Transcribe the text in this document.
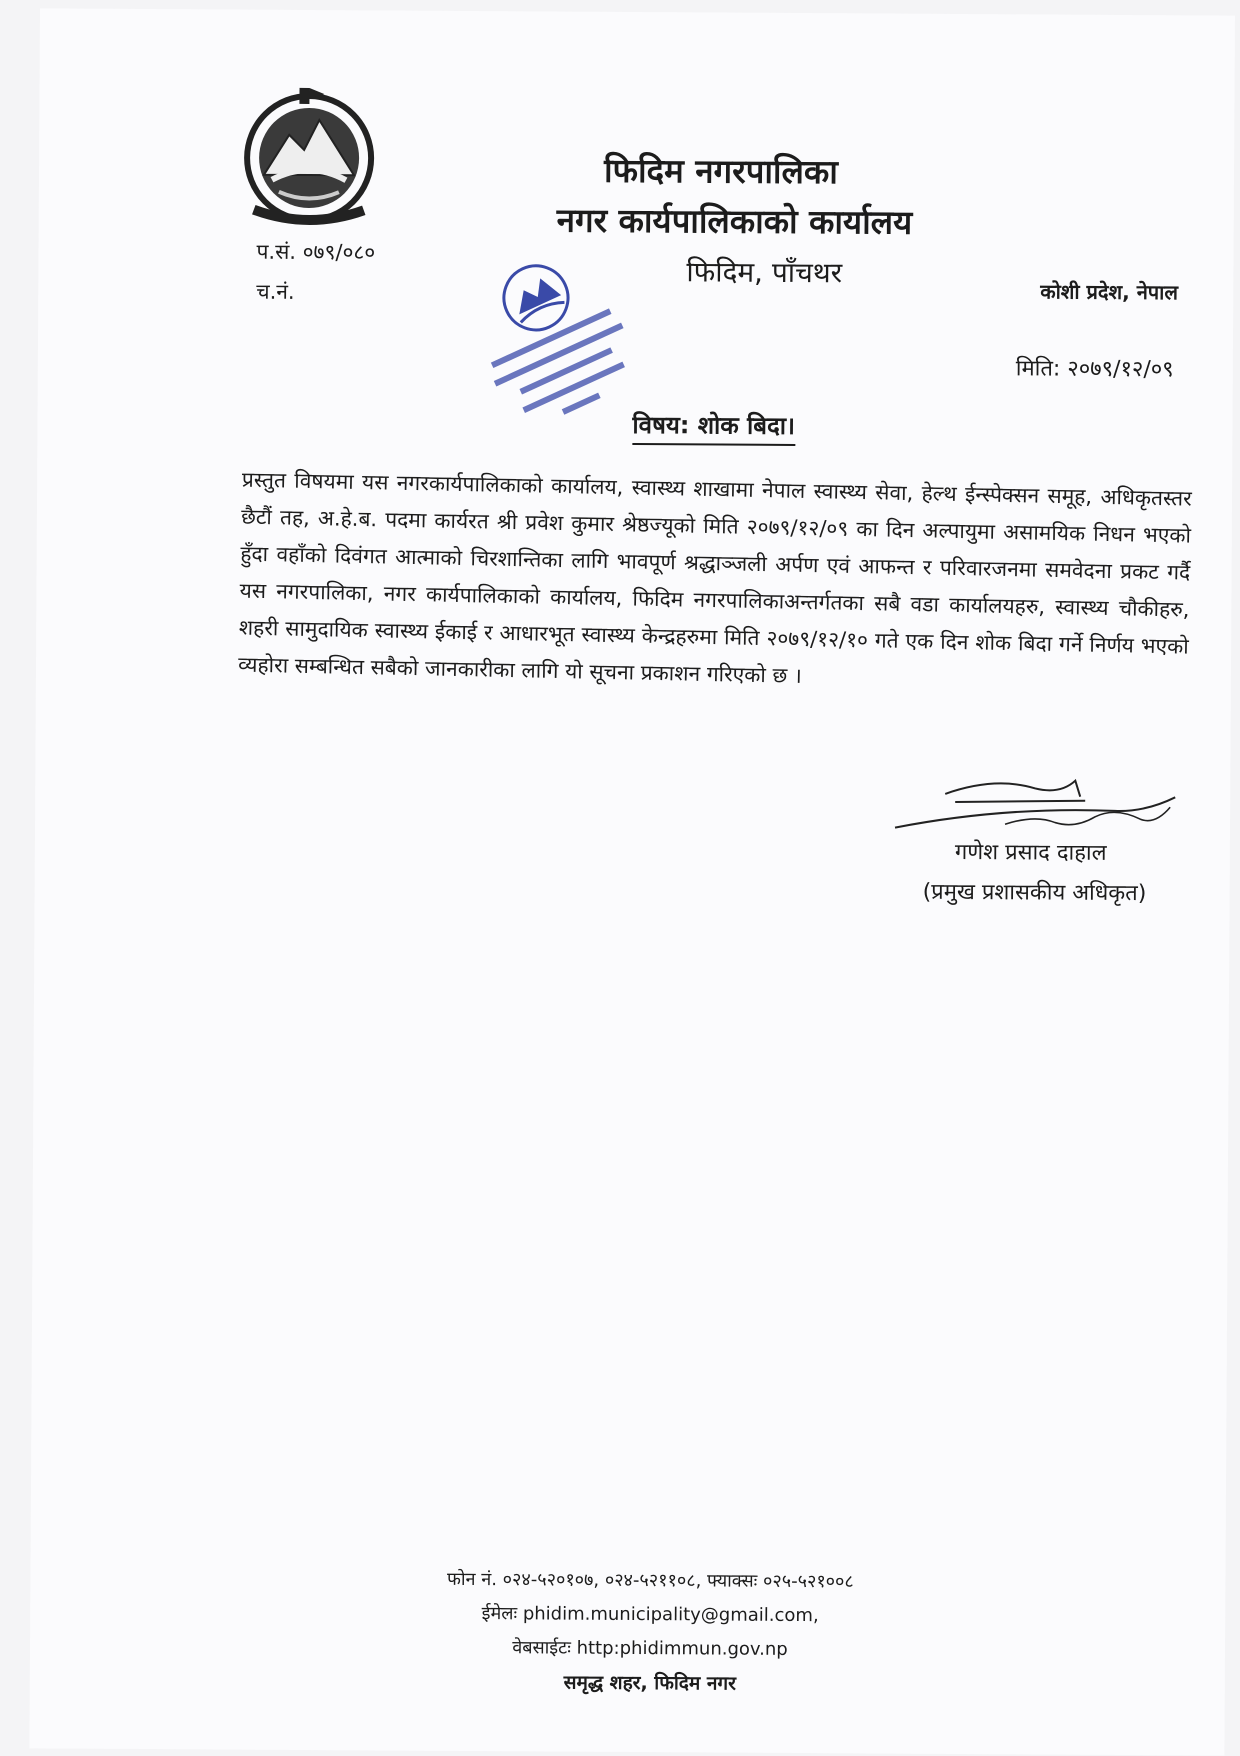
फिदिम नगरपालिका
नगर कार्यपालिकाको कार्यालय
फिदिम, पाँचथर
प.सं. ०७९/०८०
च.नं.	कोशी प्रदेश, नेपाल
मिति: २०७९/१२/०९
विषय: शोक बिदा।
प्रस्तुत विषयमा यस नगरकार्यपालिकाको कार्यालय, स्वास्थ्य शाखामा नेपाल स्वास्थ्य सेवा, हेल्थ ईन्स्पेक्सन समूह, अधिकृतस्तर छैटौं तह, अ.हे.ब. पदमा कार्यरत श्री प्रवेश कुमार श्रेष्ठज्यूको मिति २०७९/१२/०९ का दिन अल्पायुमा असामयिक निधन भएको हुँदा वहाँको दिवंगत आत्माको चिरशान्तिका लागि भावपूर्ण श्रद्धाञ्जली अर्पण एवं आफन्त र परिवारजनमा समवेदना प्रकट गर्दै यस नगरपालिका, नगर कार्यपालिकाको कार्यालय, फिदिम नगरपालिकाअन्तर्गतका सबै वडा कार्यालयहरु, स्वास्थ्य चौकीहरु, शहरी सामुदायिक स्वास्थ्य ईकाई र आधारभूत स्वास्थ्य केन्द्रहरुमा मिति २०७९/१२/१० गते एक दिन शोक बिदा गर्ने निर्णय भएको व्यहोरा सम्बन्धित सबैको जानकारीका लागि यो सूचना प्रकाशन गरिएको छ ।
गणेश प्रसाद दाहाल
(प्रमुख प्रशासकीय अधिकृत)
फोन नं. ०२४-५२०१०७, ०२४-५२११०८, फ्याक्सः ०२५-५२१००८
ईमेलः phidim.municipality@gmail.com,
वेबसाईटः http:phidimmun.gov.np
समृद्ध शहर, फिदिम नगर
